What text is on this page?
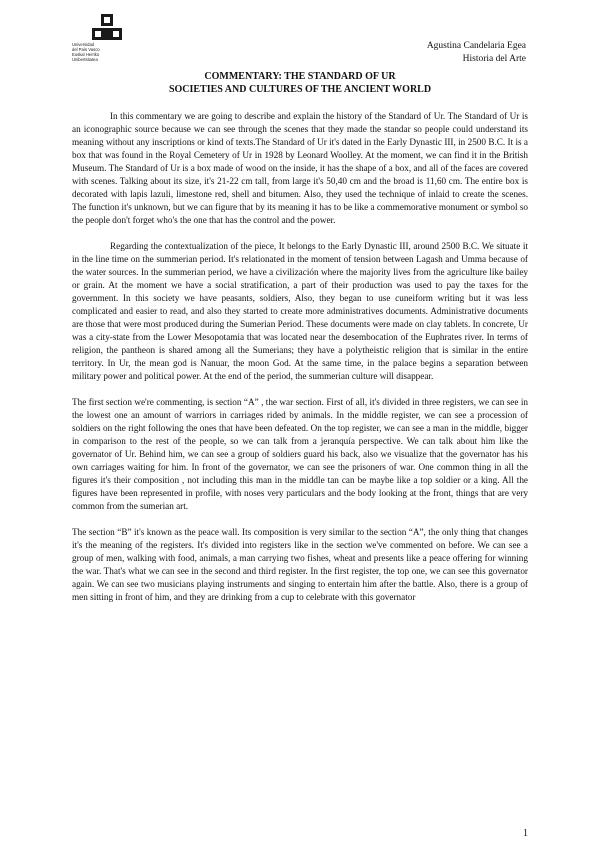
Universidad
del País Vasco
Euskal Herriko
Unibertsitatea
Agustina Candelaria Egea
Historia del Arte
COMMENTARY: THE STANDARD OF UR
SOCIETIES AND CULTURES OF THE ANCIENT WORLD

In this commentary we are going to describe and explain the history of the Standard of Ur. The Standard of Ur is an iconographic source because we can see through the scenes that they made the standar so people could understand its meaning without any inscriptions or kind of texts.The Standard of Ur it's dated in the Early Dynastic III, in 2500 B.C. It is a box that was found in the Royal Cemetery of Ur in 1928 by Leonard Woolley. At the moment, we can find it in the British Museum. The Standard of Ur is a box made of wood on the inside, it has the shape of a box, and all of the faces are covered with scenes. Talking about its size, it's 21-22 cm tall, from large it's 50,40 cm and the broad is 11,60 cm. The entire box is decorated with lapis lazuli, limestone red, shell and bitumen. Also, they used the technique of inlaid to create the scenes. The function it's unknown, but we can figure that by its meaning it has to be like a commemorative monument or symbol so the people don't forget who's the one that has the control and the power.

Regarding the contextualization of the piece, It belongs to the Early Dynastic III, around 2500 B.C. We situate it in the line time on the summerian period. It's relationated in the moment of tension between Lagash and Umma because of the water sources. In the summerian period, we have a civilización where the majority lives from the agriculture like bailey or grain. At the moment we have a social stratification, a part of their production was used to pay the taxes for the government. In this society we have peasants, soldiers, Also, they began to use cuneiform writing but it was less complicated and easier to read, and also they started to create more administratives documents. Administrative documents are those that were most produced during the Sumerian Period. These documents were made on clay tablets. In concrete, Ur was a city-state from the Lower Mesopotamia that was located near the desembocation of the Euphrates river. In terms of religion, the pantheon is shared among all the Sumerians; they have a polytheistic religion that is similar in the entire territory. In Ur, the mean god is Nanuar, the moon God. At the same time, in the palace begins a separation between military power and political power. At the end of the period, the summerian culture will disappear.

The first section we're commenting, is section “A” , the war section. First of all, it's divided in three registers, we can see in the lowest one an amount of warriors in carriages rided by animals. In the middle register, we can see a procession of soldiers on the right following the ones that have been defeated. On the top register, we can see a man in the middle, bigger in comparison to the rest of the people, so we can talk from a jeranquía perspective. We can talk about him like the governator of Ur. Behind him, we can see a group of soldiers guard his back, also we visualize that the governator has his own carriages waiting for him. In front of the governator, we can see the prisoners of war. One common thing in all the figures it's their composition , not including this man in the middle tan can be maybe like a top soldier or a king. All the figures have been represented in profile, with noses very particulars and the body looking at the front, things that are very common from the sumerian art.

The section “B” it's known as the peace wall. Its composition is very similar to the section “A”, the only thing that changes it's the meaning of the registers. It's divided into registers like in the section we've commented on before. We can see a group of men, walking with food, animals, a man carrying two fishes, wheat and presents like a peace offering for winning the war. That's what we can see in the second and third register. In the first register, the top one, we can see this governator again. We can see two musicians playing instruments and singing to entertain him after the battle. Also, there is a group of men sitting in front of him, and they are drinking from a cup to celebrate with this governator

1
